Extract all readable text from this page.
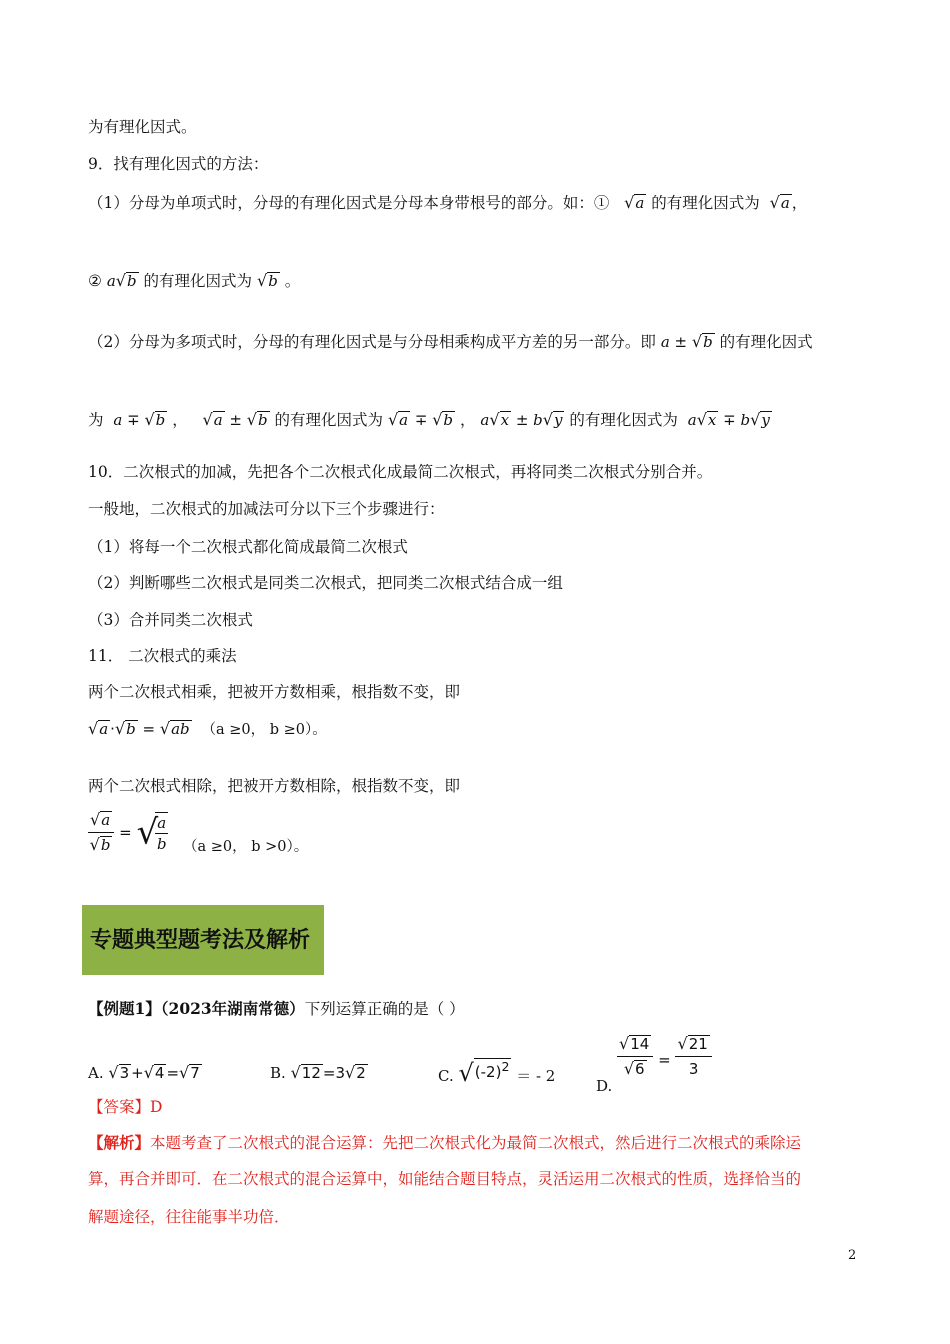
为有理化因式。
9．找有理化因式的方法：
（1）分母为单项式时，分母的有理化因式是分母本身带根号的部分。如：① √a 的有理化因式为 √a ，
② a√b 的有理化因式为 √b 。
（2）分母为多项式时，分母的有理化因式是与分母相乘构成平方差的另一部分。即 a ± √b 的有理化因式
为 a ∓ √b ， √a ± √b 的有理化因式为 √a ∓ √b ， a√x ± b√y 的有理化因式为 a√x ∓ b√y
10．二次根式的加减，先把各个二次根式化成最简二次根式，再将同类二次根式分别合并。
一般地，二次根式的加减法可分以下三个步骤进行：
（1）将每一个二次根式都化简成最简二次根式
（2）判断哪些二次根式是同类二次根式，把同类二次根式结合成一组
（3）合并同类二次根式
11． 二次根式的乘法
两个二次根式相乘，把被开方数相乘，根指数不变，即
√a ·√b = √ab （a ≥0， b ≥0）。
两个二次根式相除，把被开方数相除，根指数不变，即
$\frac{√a}{√b}$ = √
$\frac{a}{b} (a \ge 0$， b >0）。
专题典型题考法及解析
【例题1】（2023年湖南常德）下列运算正确的是（ ）
A. √3 +√4 =√7	B. √12 =3√2	C. $√(-2)^2$ ＝ - 2
D.
$\frac{√14}{√6} = \frac{√21}{3}$
【答案】D
【解析】本题考查了二次根式的混合运算：先把二次根式化为最简二次根式，然后进行二次根式的乘除运
算，再合并即可．在二次根式的混合运算中，如能结合题目特点，灵活运用二次根式的性质，选择恰当的
解题途径，往往能事半功倍．
2
